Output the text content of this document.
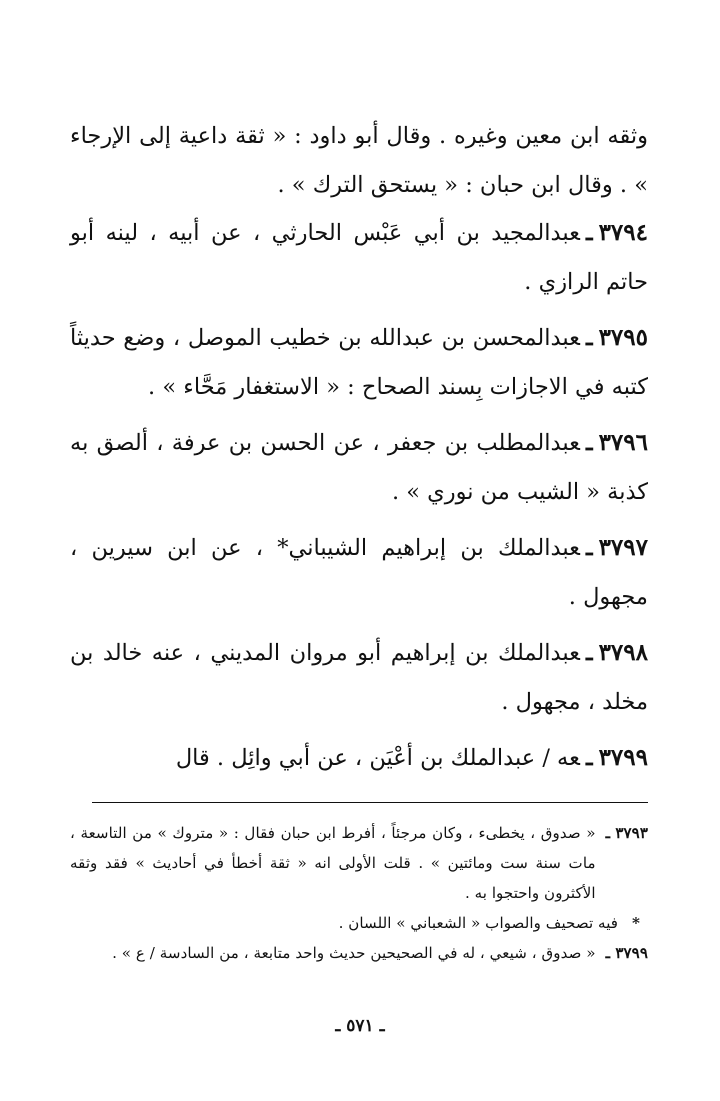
وثقه ابن معين وغيره . وقال أبو داود : « ثقة داعية إلى الإرجاء » . وقال ابن حبان : « يستحق الترك » .

٣٧٩٤ـعبدالمجيد بن أبي عَبْس الحارثي ، عن أبيه ، لينه أبو حاتم الرازي .

٣٧٩٥ـعبدالمحسن بن عبدالله بن خطيب الموصل ، وضع حديثاً كتبه في الاجازات بِسند الصحاح : « الاستغفار مَحَّاء » .

٣٧٩٦ـعبدالمطلب بن جعفر ، عن الحسن بن عرفة ، ألصق به كذبة « الشيب من نوري » .

٣٧٩٧ـعبدالملك بن إبراهيم الشيباني* ، عن ابن سيرين ، مجهول .

٣٧٩٨ـعبدالملك بن إبراهيم أبو مروان المديني ، عنه خالد بن مخلد ، مجهول .

٣٧٩٩ـعه / عبدالملك بن أعْيَن ، عن أبي وائِل . قال

٣٧٩٣ ـ
« صدوق ، يخطىء ، وكان مرجئاً ، أفرط ابن حبان فقال : « متروك » من التاسعة ، مات سنة ست ومائتين » . قلت الأولى انه « ثقة أخطأ في أحاديث » فقد وثقه الأكثرون واحتجوا به .

*
فيه تصحيف والصواب « الشعباني » اللسان .

٣٧٩٩ ـ
« صدوق ، شيعي ، له في الصحيحين حديث واحد متابعة ، من السادسة / ع » .

ـ ٥٧١ ـ
